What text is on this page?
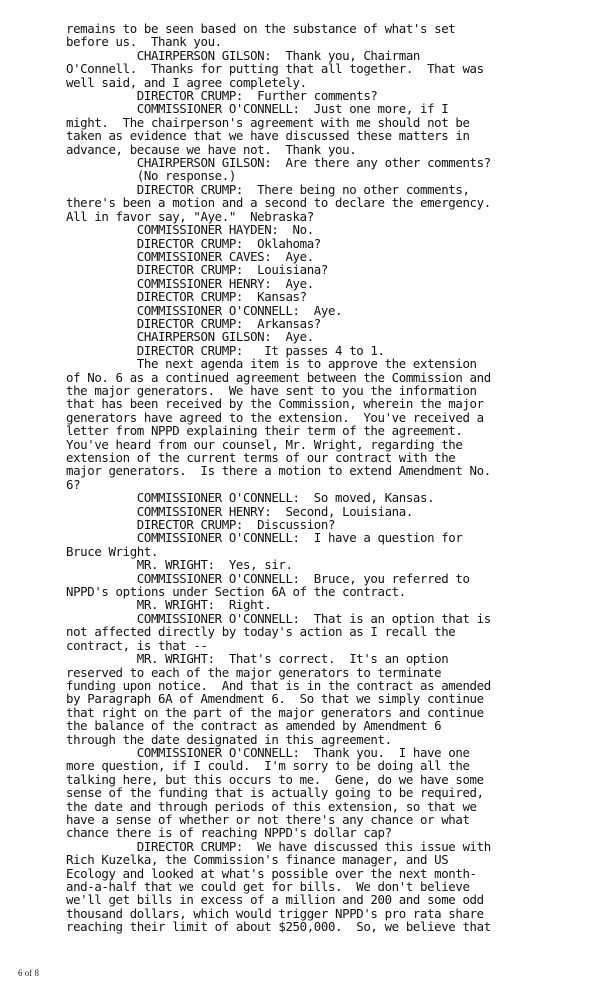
remains to be seen based on the substance of what's set
before us.  Thank you.
CHAIRPERSON GILSON:  Thank you, Chairman
O'Connell.  Thanks for putting that all together.  That was
well said, and I agree completely.
DIRECTOR CRUMP:  Further comments?
COMMISSIONER O'CONNELL:  Just one more, if I
might.  The chairperson's agreement with me should not be
taken as evidence that we have discussed these matters in
advance, because we have not.  Thank you.
CHAIRPERSON GILSON:  Are there any other comments?
(No response.)
DIRECTOR CRUMP:  There being no other comments,
there's been a motion and a second to declare the emergency.
All in favor say, "Aye."  Nebraska?
COMMISSIONER HAYDEN:  No.
DIRECTOR CRUMP:  Oklahoma?
COMMISSIONER CAVES:  Aye.
DIRECTOR CRUMP:  Louisiana?
COMMISSIONER HENRY:  Aye.
DIRECTOR CRUMP:  Kansas?
COMMISSIONER O'CONNELL:  Aye.
DIRECTOR CRUMP:  Arkansas?
CHAIRPERSON GILSON:  Aye.
DIRECTOR CRUMP:   It passes 4 to 1.
The next agenda item is to approve the extension
of No. 6 as a continued agreement between the Commission and
the major generators.  We have sent to you the information
that has been received by the Commission, wherein the major
generators have agreed to the extension.  You've received a
letter from NPPD explaining their term of the agreement.
You've heard from our counsel, Mr. Wright, regarding the
extension of the current terms of our contract with the
major generators.  Is there a motion to extend Amendment No.
6?
COMMISSIONER O'CONNELL:  So moved, Kansas.
COMMISSIONER HENRY:  Second, Louisiana.
DIRECTOR CRUMP:  Discussion?
COMMISSIONER O'CONNELL:  I have a question for
Bruce Wright.
MR. WRIGHT:  Yes, sir.
COMMISSIONER O'CONNELL:  Bruce, you referred to
NPPD's options under Section 6A of the contract.
MR. WRIGHT:  Right.
COMMISSIONER O'CONNELL:  That is an option that is
not affected directly by today's action as I recall the
contract, is that --
MR. WRIGHT:  That's correct.  It's an option
reserved to each of the major generators to terminate
funding upon notice.  And that is in the contract as amended
by Paragraph 6A of Amendment 6.  So that we simply continue
that right on the part of the major generators and continue
the balance of the contract as amended by Amendment 6
through the date designated in this agreement.
COMMISSIONER O'CONNELL:  Thank you.  I have one
more question, if I could.  I'm sorry to be doing all the
talking here, but this occurs to me.  Gene, do we have some
sense of the funding that is actually going to be required,
the date and through periods of this extension, so that we
have a sense of whether or not there's any chance or what
chance there is of reaching NPPD's dollar cap?
DIRECTOR CRUMP:  We have discussed this issue with
Rich Kuzelka, the Commission's finance manager, and US
Ecology and looked at what's possible over the next month-
and-a-half that we could get for bills.  We don't believe
we'll get bills in excess of a million and 200 and some odd
thousand dollars, which would trigger NPPD's pro rata share
reaching their limit of about $250,000.  So, we believe that
6 of 8
